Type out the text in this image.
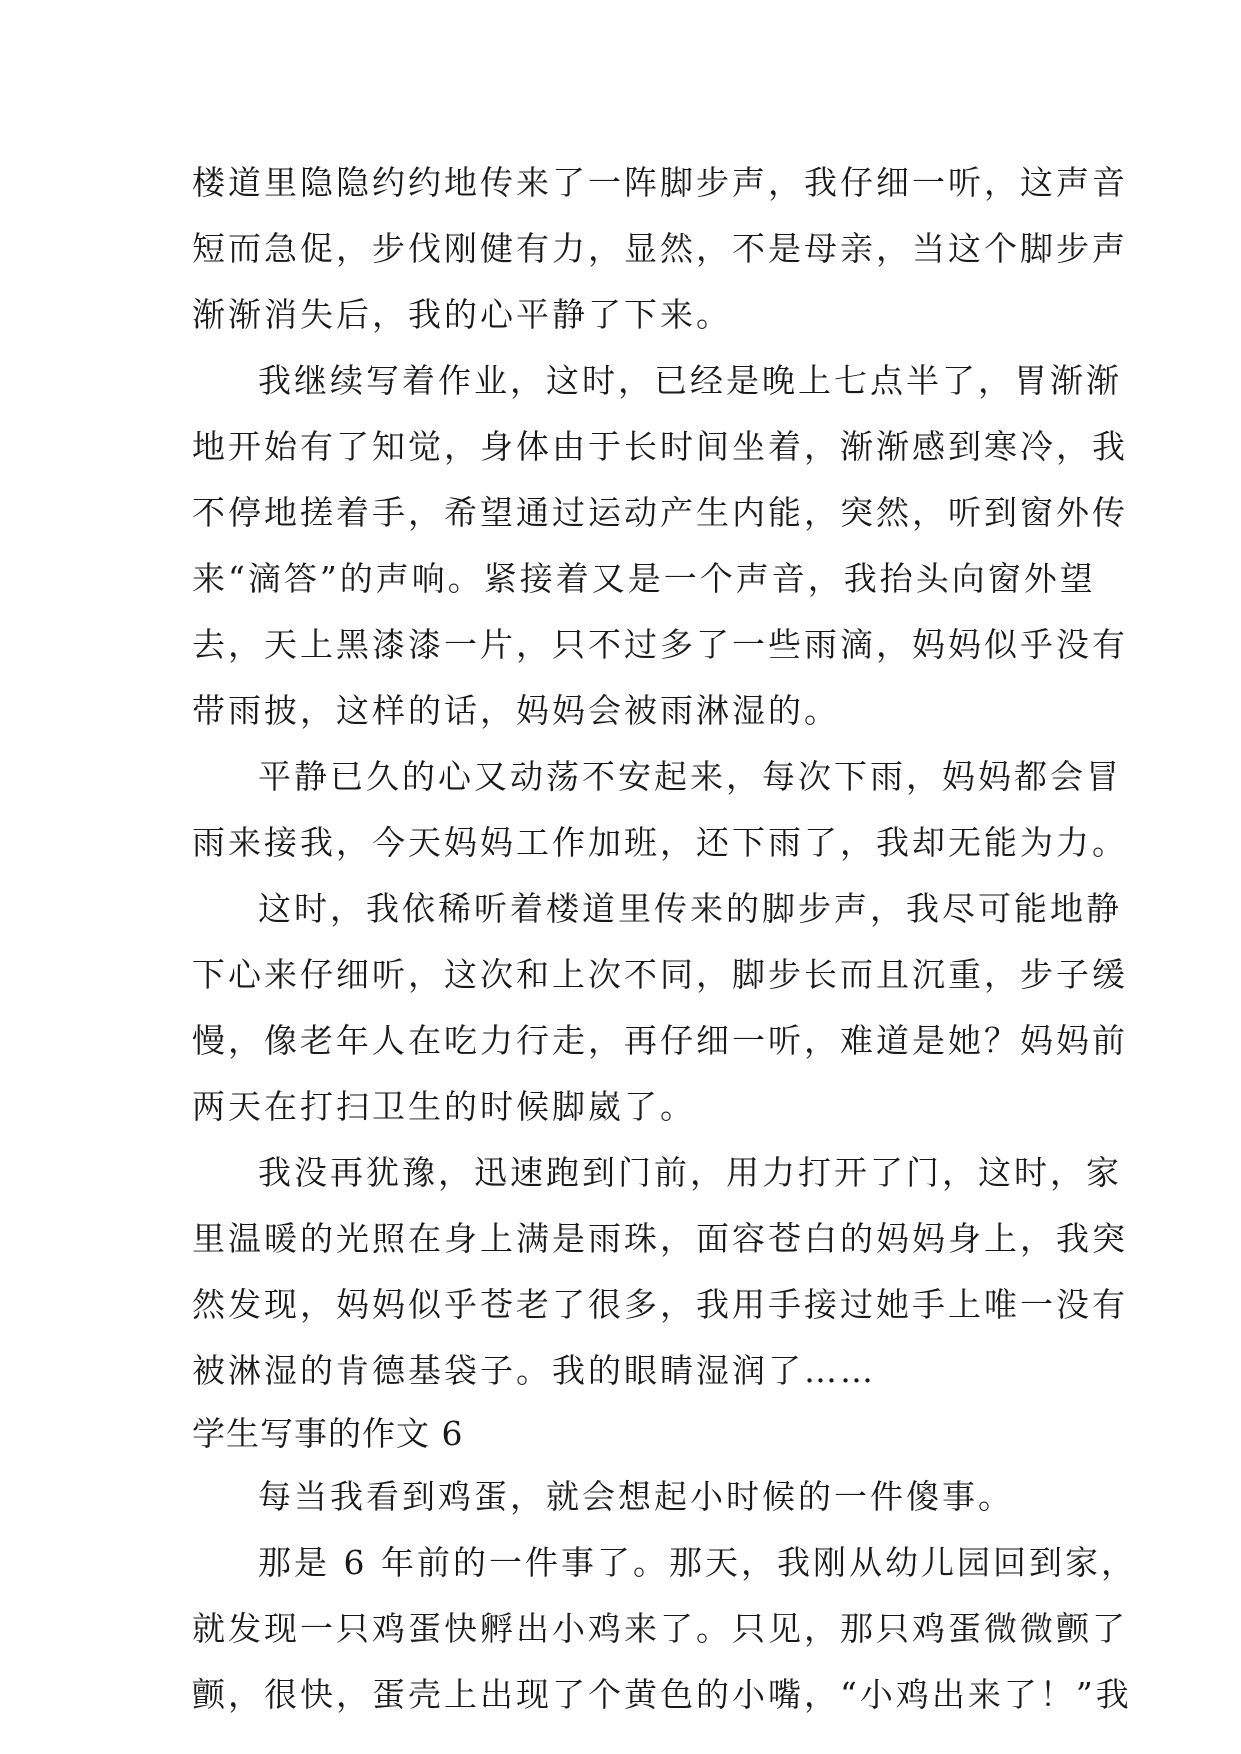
楼道里隐隐约约地传来了一阵脚步声，我仔细一听，这声音
短而急促，步伐刚健有力，显然，不是母亲，当这个脚步声
渐渐消失后，我的心平静了下来。
我继续写着作业，这时，已经是晚上七点半了，胃渐渐
地开始有了知觉，身体由于长时间坐着，渐渐感到寒冷，我
不停地搓着手，希望通过运动产生内能，突然，听到窗外传
来“滴答”的声响。紧接着又是一个声音，我抬头向窗外望
去，天上黑漆漆一片，只不过多了一些雨滴，妈妈似乎没有
带雨披，这样的话，妈妈会被雨淋湿的。
平静已久的心又动荡不安起来，每次下雨，妈妈都会冒
雨来接我，今天妈妈工作加班，还下雨了，我却无能为力。
这时，我依稀听着楼道里传来的脚步声，我尽可能地静
下心来仔细听，这次和上次不同，脚步长而且沉重，步子缓
慢，像老年人在吃力行走，再仔细一听，难道是她？妈妈前
两天在打扫卫生的时候脚崴了。
我没再犹豫，迅速跑到门前，用力打开了门，这时，家
里温暖的光照在身上满是雨珠，面容苍白的妈妈身上，我突
然发现，妈妈似乎苍老了很多，我用手接过她手上唯一没有
被淋湿的肯德基袋子。我的眼睛湿润了……
学生写事的作文 6
每当我看到鸡蛋，就会想起小时候的一件傻事。
那是 6 年前的一件事了。那天，我刚从幼儿园回到家，
就发现一只鸡蛋快孵出小鸡来了。只见，那只鸡蛋微微颤了
颤，很快，蛋壳上出现了个黄色的小嘴，“小鸡出来了！”我
